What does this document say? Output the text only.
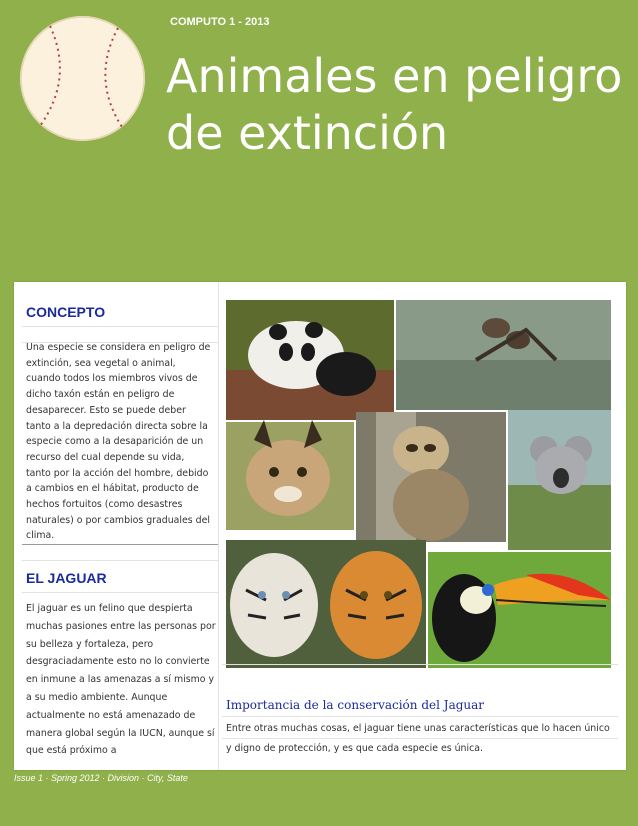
COMPUTO 1 - 2013
Animales en peligro de extinción
CONCEPTO

Una especie se considera en peligro de extinción, sea vegetal o animal, cuando todos los miembros vivos de dicho taxón están en peligro de desaparecer. Esto se puede deber tanto a la depredación directa sobre la especie como a la desaparición de un recurso del cual depende su vida, tanto por la acción del hombre, debido a cambios en el hábitat, producto de hechos fortuitos (como desastres naturales) o por cambios graduales del clima.

EL JAGUAR

El jaguar es un felino que despierta muchas pasiones entre las personas por su belleza y fortaleza, pero desgraciadamente esto no lo convierte en inmune a las amenazas a sí mismo y a su medio ambiente. Aunque actualmente no está amenazado de manera global según la IUCN, aunque sí que está próximo a

Importancia de la conservación del Jaguar

Entre otras muchas cosas, el jaguar tiene unas características que lo hacen único y digno de protección, y es que cada especie es única.

Issue 1 · Spring 2012 · Division · City, State
